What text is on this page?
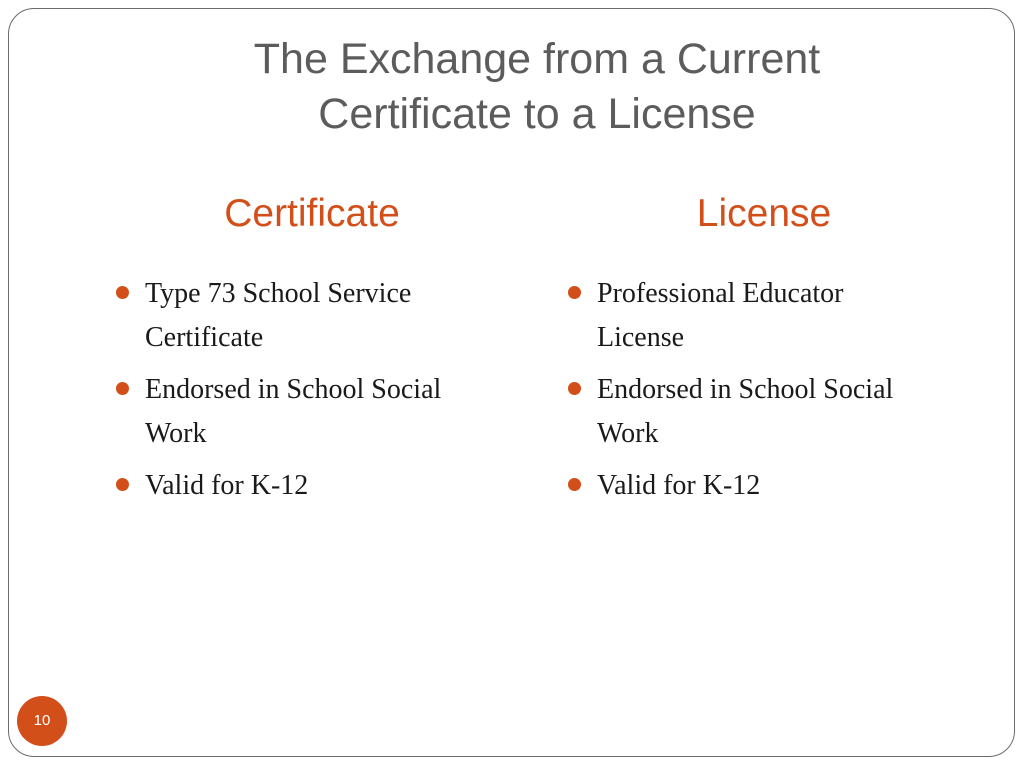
The Exchange from a Current
Certificate to a License
Certificate	License
Type 73 School Service
Certificate
Endorsed in School Social
Work
Valid for K-12
Professional Educator
License
Endorsed in School Social
Work
Valid for K-12
10
